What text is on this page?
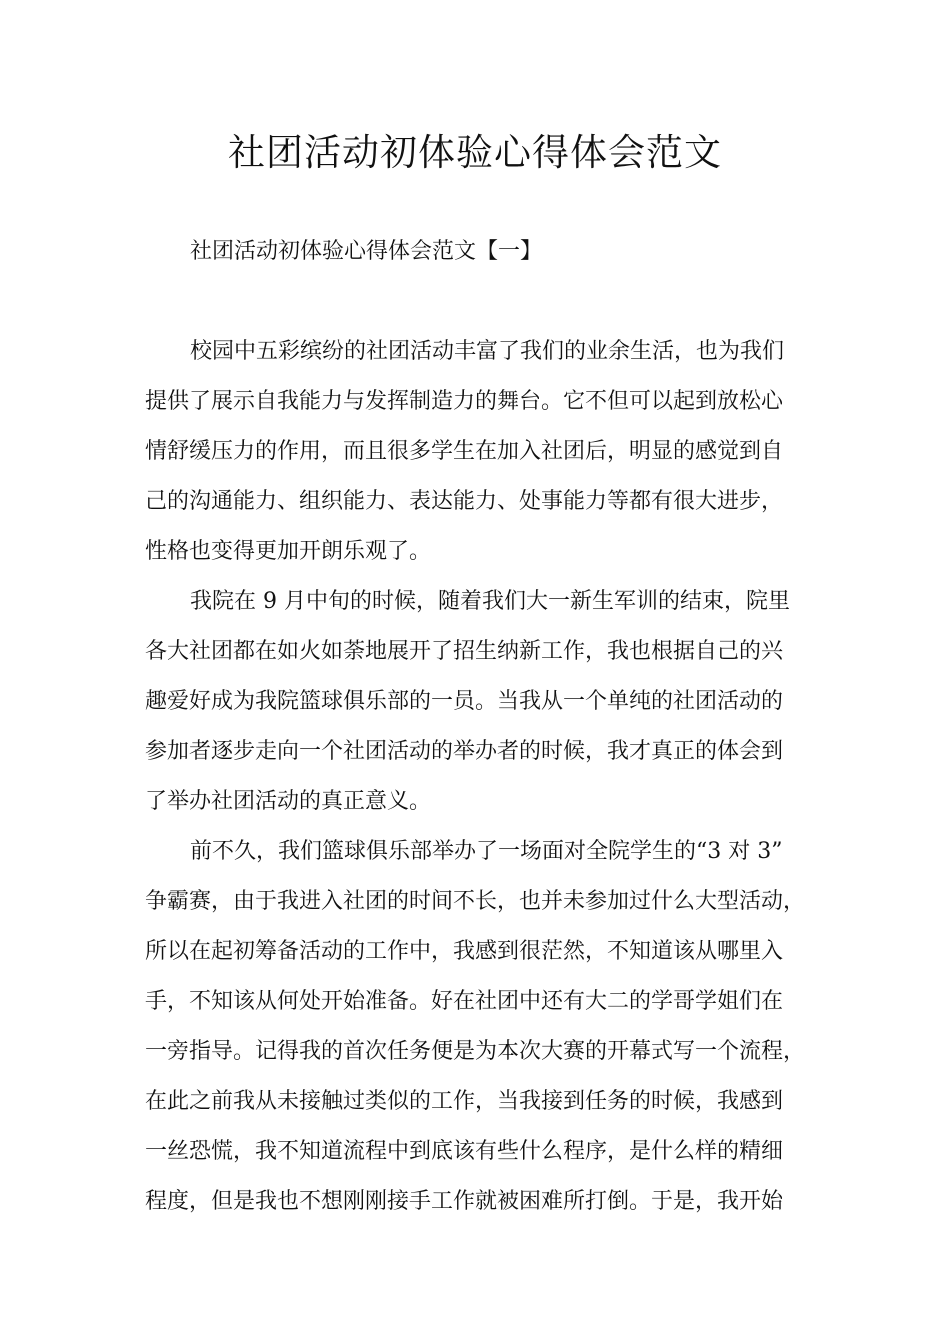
社团活动初体验心得体会范文
社团活动初体验心得体会范文【一】
校园中五彩缤纷的社团活动丰富了我们的业余生活，也为我们
提供了展示自我能力与发挥制造力的舞台。它不但可以起到放松心
情舒缓压力的作用，而且很多学生在加入社团后，明显的感觉到自
己的沟通能力、组织能力、表达能力、处事能力等都有很大进步，
性格也变得更加开朗乐观了。
我院在 9 月中旬的时候，随着我们大一新生军训的结束，院里
各大社团都在如火如荼地展开了招生纳新工作，我也根据自己的兴
趣爱好成为我院篮球俱乐部的一员。当我从一个单纯的社团活动的
参加者逐步走向一个社团活动的举办者的时候，我才真正的体会到
了举办社团活动的真正意义。
前不久，我们篮球俱乐部举办了一场面对全院学生的“3 对 3”
争霸赛，由于我进入社团的时间不长，也并未参加过什么大型活动，
所以在起初筹备活动的工作中，我感到很茫然，不知道该从哪里入
手，不知该从何处开始准备。好在社团中还有大二的学哥学姐们在
一旁指导。记得我的首次任务便是为本次大赛的开幕式写一个流程，
在此之前我从未接触过类似的工作，当我接到任务的时候，我感到
一丝恐慌，我不知道流程中到底该有些什么程序，是什么样的精细
程度，但是我也不想刚刚接手工作就被困难所打倒。于是，我开始
